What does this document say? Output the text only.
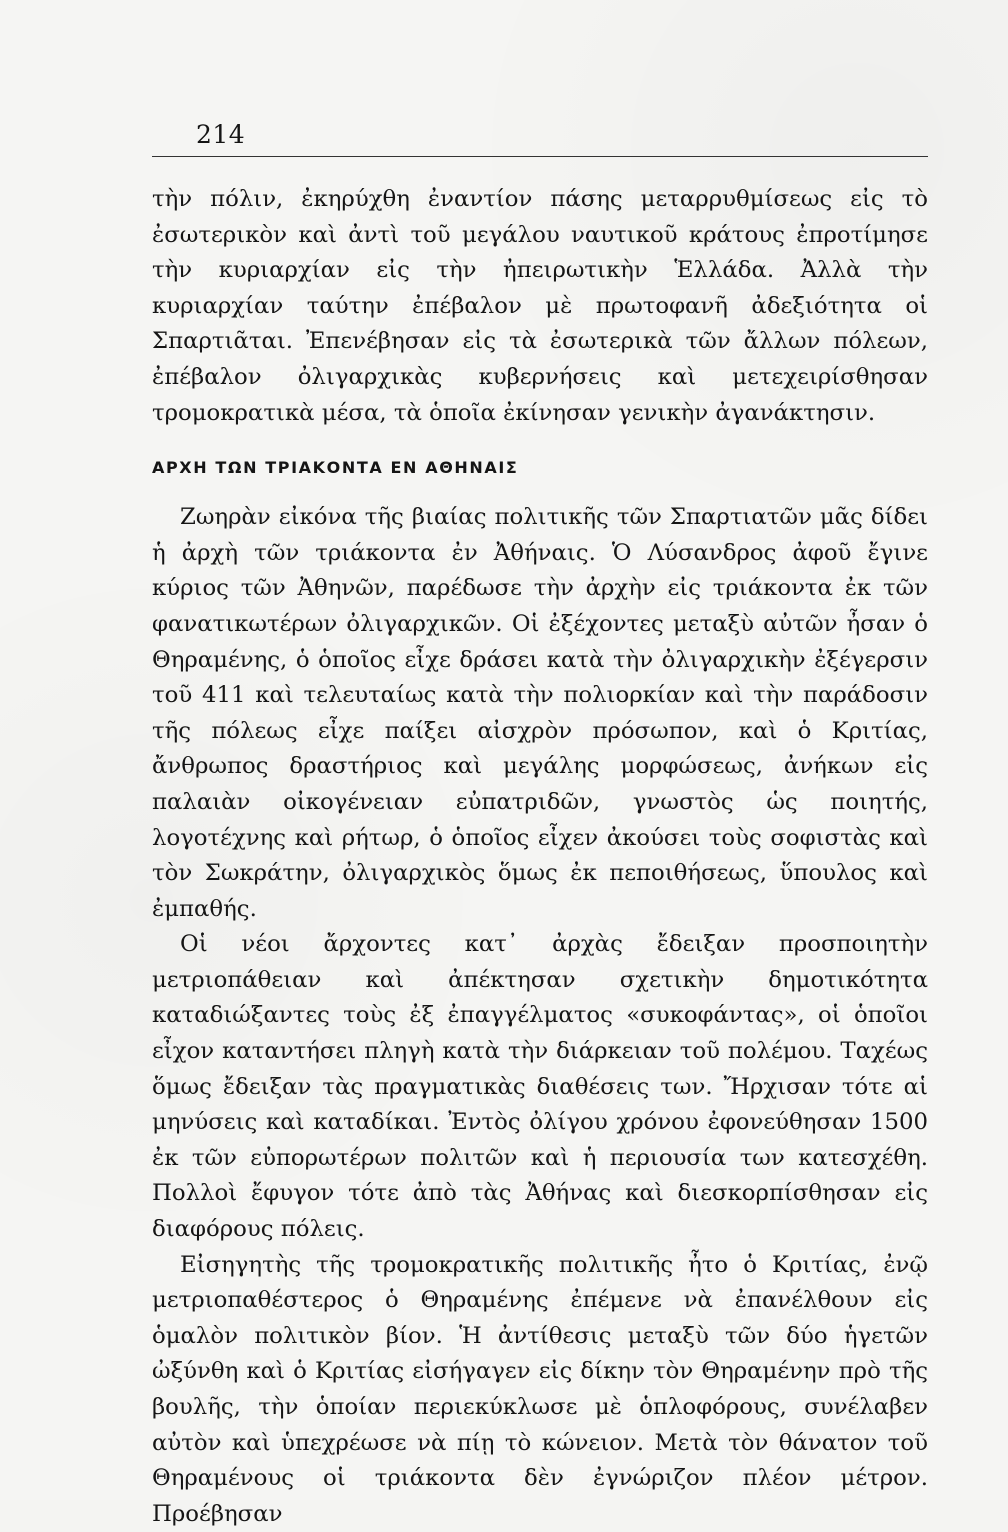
214

τὴν πόλιν, ἐκηρύχθη ἐναντίον πάσης μεταρρυθμίσεως εἰς τὸ ἐσωτερικὸν καὶ ἀντὶ τοῦ μεγάλου ναυτικοῦ κράτους ἐπροτίμησε τὴν κυριαρχίαν εἰς τὴν ἠπειρωτικὴν Ἑλλάδα. Ἀλλὰ τὴν κυριαρχίαν ταύτην ἐπέβαλον μὲ πρωτοφανῆ ἀδεξιότητα οἱ Σπαρτιᾶται. Ἐπενέβησαν εἰς τὰ ἐσωτερικὰ τῶν ἄλλων πόλεων, ἐπέβαλον ὀλιγαρχικὰς κυβερνήσεις καὶ μετεχειρίσθησαν τρομοκρατικὰ μέσα, τὰ ὁποῖα ἐκίνησαν γενικὴν ἀγανάκτησιν.

ΑΡΧΗ ΤΩΝ ΤΡΙΑΚΟΝΤΑ ΕΝ ΑΘΗΝΑΙΣ

Ζωηρὰν εἰκόνα τῆς βιαίας πολιτικῆς τῶν Σπαρτιατῶν μᾶς δίδει ἡ ἀρχὴ τῶν τριάκοντα ἐν Ἀθήναις. Ὁ Λύσανδρος ἀφοῦ ἔγινε κύριος τῶν Ἀθηνῶν, παρέδωσε τὴν ἀρχὴν εἰς τριάκοντα ἐκ τῶν φανατικωτέρων ὀλιγαρχικῶν. Οἱ ἐξέχοντες μεταξὺ αὐτῶν ἦσαν ὁ Θηραμένης, ὁ ὁποῖος εἶχε δράσει κατὰ τὴν ὀλιγαρχικὴν ἐξέγερσιν τοῦ 411 καὶ τελευταίως κατὰ τὴν πολιορκίαν καὶ τὴν παράδοσιν τῆς πόλεως εἶχε παίξει αἰσχρὸν πρόσωπον, καὶ ὁ Κριτίας, ἄνθρωπος δραστήριος καὶ μεγάλης μορφώσεως, ἀνήκων εἰς παλαιὰν οἰκογένειαν εὐπατριδῶν, γνωστὸς ὡς ποιητής, λογοτέχνης καὶ ρήτωρ, ὁ ὁποῖος εἶχεν ἀκούσει τοὺς σοφιστὰς καὶ τὸν Σωκράτην, ὀλιγαρχικὸς ὅμως ἐκ πεποιθήσεως, ὕπουλος καὶ ἐμπαθής.

Οἱ νέοι ἄρχοντες κατ᾽ ἀρχὰς ἔδειξαν προσποιητὴν μετριοπάθειαν καὶ ἀπέκτησαν σχετικὴν δημοτικότητα καταδιώξαντες τοὺς ἐξ ἐπαγγέλματος «συκοφάντας», οἱ ὁποῖοι εἶχον καταντήσει πληγὴ κατὰ τὴν διάρκειαν τοῦ πολέμου. Ταχέως ὅμως ἔδειξαν τὰς πραγματικὰς διαθέσεις των. Ἤρχισαν τότε αἱ μηνύσεις καὶ καταδίκαι. Ἐντὸς ὀλίγου χρόνου ἐφονεύθησαν 1500 ἐκ τῶν εὐπορωτέρων πολιτῶν καὶ ἡ περιουσία των κατεσχέθη. Πολλοὶ ἔφυγον τότε ἀπὸ τὰς Ἀθήνας καὶ διεσκορπίσθησαν εἰς διαφόρους πόλεις.

Εἰσηγητὴς τῆς τρομοκρατικῆς πολιτικῆς ἦτο ὁ Κριτίας, ἐνῷ μετριοπαθέστερος ὁ Θηραμένης ἐπέμενε νὰ ἐπανέλθουν εἰς ὁμαλὸν πολιτικὸν βίον. Ἡ ἀντίθεσις μεταξὺ τῶν δύο ἡγετῶν ὠξύνθη καὶ ὁ Κριτίας εἰσήγαγεν εἰς δίκην τὸν Θηραμένην πρὸ τῆς βουλῆς, τὴν ὁποίαν περιεκύκλωσε μὲ ὁπλοφόρους, συνέλαβεν αὐτὸν καὶ ὑπεχρέωσε νὰ πίῃ τὸ κώνειον. Μετὰ τὸν θάνατον τοῦ Θηραμένους οἱ τριάκοντα δὲν ἐγνώριζον πλέον μέτρον. Προέβησαν
